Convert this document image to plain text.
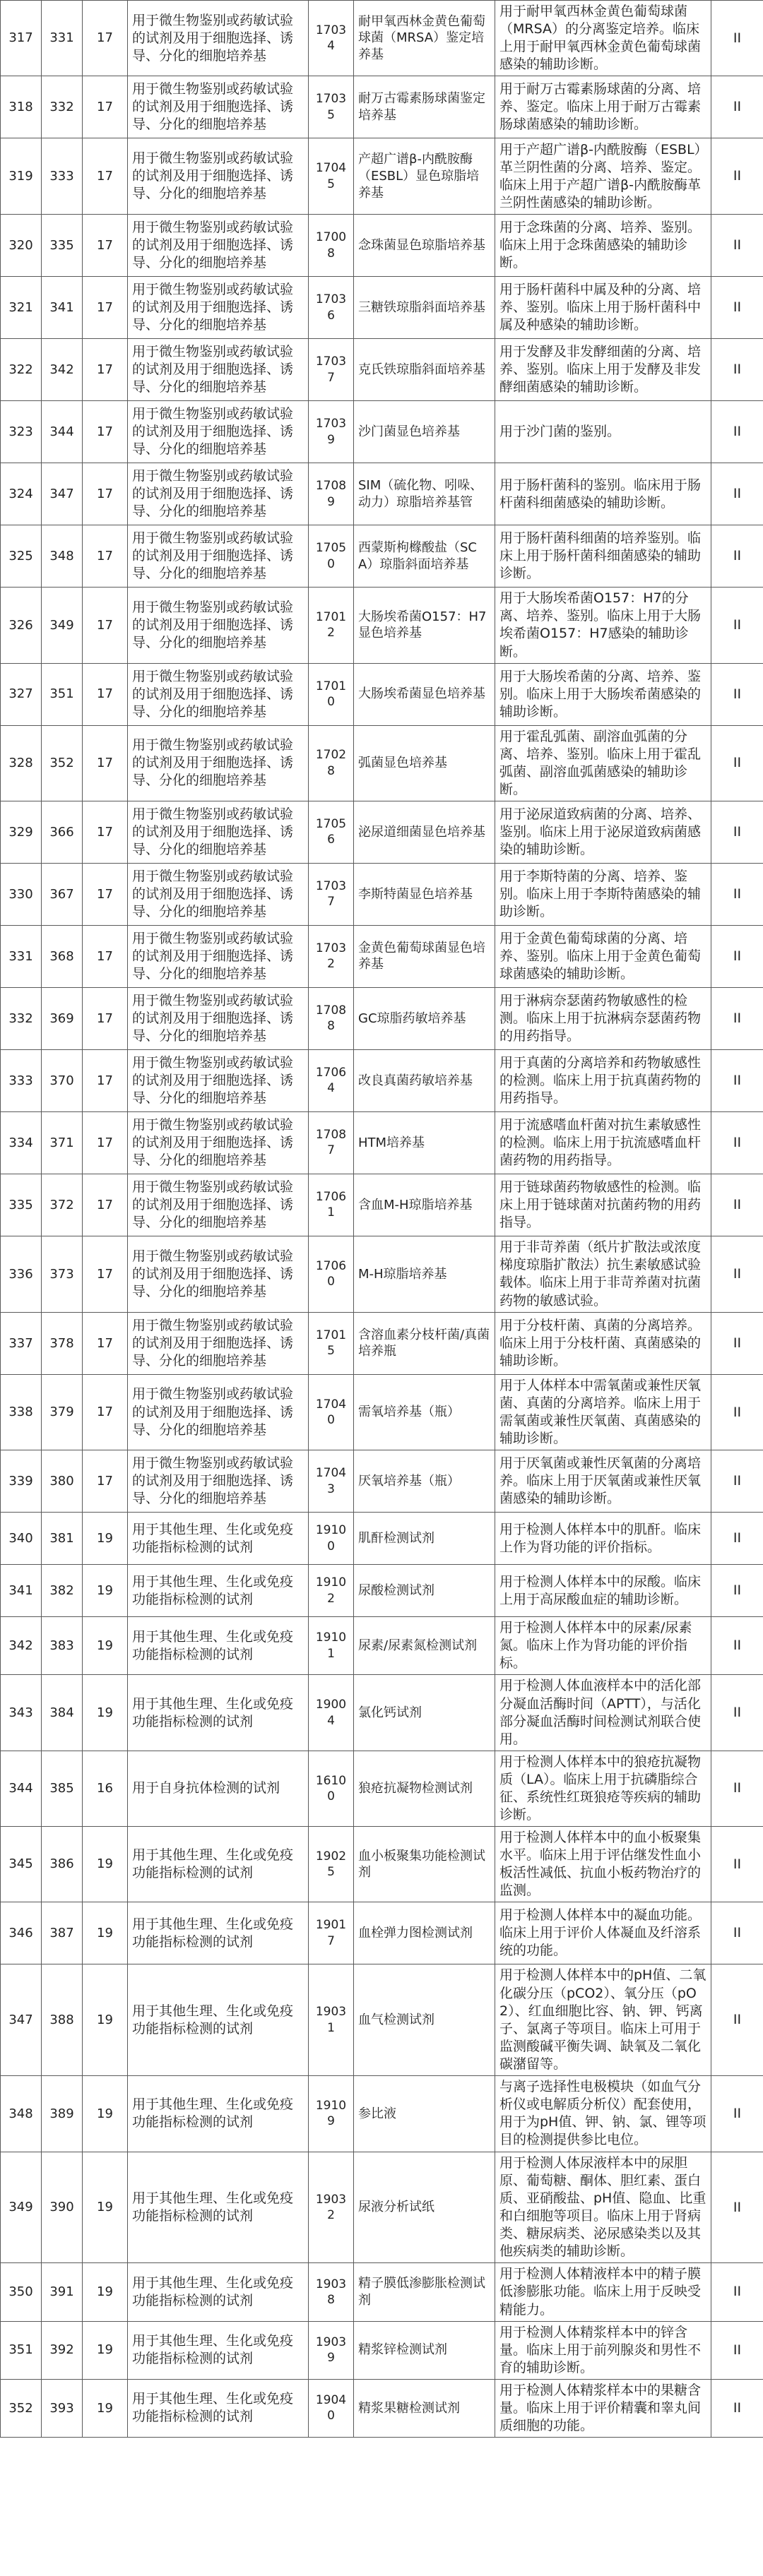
317	331	17	用于微生物鉴别或药敏试验的试剂及用于细胞选择、诱导、分化的细胞培养基	17034	耐甲氧西林金黄色葡萄球菌（MRSA）鉴定培养基	用于耐甲氧西林金黄色葡萄球菌（MRSA）的分离鉴定培养。临床上用于耐甲氧西林金黄色葡萄球菌感染的辅助诊断。	II
318	332	17	用于微生物鉴别或药敏试验的试剂及用于细胞选择、诱导、分化的细胞培养基	17035	耐万古霉素肠球菌鉴定培养基	用于耐万古霉素肠球菌的分离、培养、鉴定。临床上用于耐万古霉素肠球菌感染的辅助诊断。	II
319	333	17	用于微生物鉴别或药敏试验的试剂及用于细胞选择、诱导、分化的细胞培养基	17045	产超广谱β-内酰胺酶（ESBL）显色琼脂培养基	用于产超广谱β-内酰胺酶（ESBL）革兰阴性菌的分离、培养、鉴定。临床上用于产超广谱β-内酰胺酶革兰阴性菌感染的辅助诊断。	II
320	335	17	用于微生物鉴别或药敏试验的试剂及用于细胞选择、诱导、分化的细胞培养基	17008	念珠菌显色琼脂培养基	用于念珠菌的分离、培养、鉴别。临床上用于念珠菌感染的辅助诊断。	II
321	341	17	用于微生物鉴别或药敏试验的试剂及用于细胞选择、诱导、分化的细胞培养基	17036	三糖铁琼脂斜面培养基	用于肠杆菌科中属及种的分离、培养、鉴别。临床上用于肠杆菌科中属及种感染的辅助诊断。	II
322	342	17	用于微生物鉴别或药敏试验的试剂及用于细胞选择、诱导、分化的细胞培养基	17037	克氏铁琼脂斜面培养基	用于发酵及非发酵细菌的分离、培养、鉴别。临床上用于发酵及非发酵细菌感染的辅助诊断。	II
323	344	17	用于微生物鉴别或药敏试验的试剂及用于细胞选择、诱导、分化的细胞培养基	17039	沙门菌显色培养基	用于沙门菌的鉴别。	II
324	347	17	用于微生物鉴别或药敏试验的试剂及用于细胞选择、诱导、分化的细胞培养基	17089	SIM（硫化物、吲哚、动力）琼脂培养基管	用于肠杆菌科的鉴别。临床用于肠杆菌科细菌感染的辅助诊断。	II
325	348	17	用于微生物鉴别或药敏试验的试剂及用于细胞选择、诱导、分化的细胞培养基	17050	西蒙斯枸橼酸盐（SCA）琼脂斜面培养基	用于肠杆菌科细菌的培养鉴别。临床上用于肠杆菌科细菌感染的辅助诊断。	II
326	349	17	用于微生物鉴别或药敏试验的试剂及用于细胞选择、诱导、分化的细胞培养基	17012	大肠埃希菌O157：H7显色培养基	用于大肠埃希菌O157：H7的分离、培养、鉴别。临床上用于大肠埃希菌O157：H7感染的辅助诊断。	II
327	351	17	用于微生物鉴别或药敏试验的试剂及用于细胞选择、诱导、分化的细胞培养基	17010	大肠埃希菌显色培养基	用于大肠埃希菌的分离、培养、鉴别。临床上用于大肠埃希菌感染的辅助诊断。	II
328	352	17	用于微生物鉴别或药敏试验的试剂及用于细胞选择、诱导、分化的细胞培养基	17028	弧菌显色培养基	用于霍乱弧菌、副溶血弧菌的分离、培养、鉴别。临床上用于霍乱弧菌、副溶血弧菌感染的辅助诊断。	II
329	366	17	用于微生物鉴别或药敏试验的试剂及用于细胞选择、诱导、分化的细胞培养基	17056	泌尿道细菌显色培养基	用于泌尿道致病菌的分离、培养、鉴别。临床上用于泌尿道致病菌感染的辅助诊断。	II
330	367	17	用于微生物鉴别或药敏试验的试剂及用于细胞选择、诱导、分化的细胞培养基	17037	李斯特菌显色培养基	用于李斯特菌的分离、培养、鉴别。临床上用于李斯特菌感染的辅助诊断。	II
331	368	17	用于微生物鉴别或药敏试验的试剂及用于细胞选择、诱导、分化的细胞培养基	17032	金黄色葡萄球菌显色培养基	用于金黄色葡萄球菌的分离、培养、鉴别。临床上用于金黄色葡萄球菌感染的辅助诊断。	II
332	369	17	用于微生物鉴别或药敏试验的试剂及用于细胞选择、诱导、分化的细胞培养基	17088	GC琼脂药敏培养基	用于淋病奈瑟菌药物敏感性的检测。临床上用于抗淋病奈瑟菌药物的用药指导。	II
333	370	17	用于微生物鉴别或药敏试验的试剂及用于细胞选择、诱导、分化的细胞培养基	17064	改良真菌药敏培养基	用于真菌的分离培养和药物敏感性的检测。临床上用于抗真菌药物的用药指导。	II
334	371	17	用于微生物鉴别或药敏试验的试剂及用于细胞选择、诱导、分化的细胞培养基	17087	HTM培养基	用于流感嗜血杆菌对抗生素敏感性的检测。临床上用于抗流感嗜血杆菌药物的用药指导。	II
335	372	17	用于微生物鉴别或药敏试验的试剂及用于细胞选择、诱导、分化的细胞培养基	17061	含血M-H琼脂培养基	用于链球菌药物敏感性的检测。临床上用于链球菌对抗菌药物的用药指导。	II
336	373	17	用于微生物鉴别或药敏试验的试剂及用于细胞选择、诱导、分化的细胞培养基	17060	M-H琼脂培养基	用于非苛养菌（纸片扩散法或浓度梯度琼脂扩散法）抗生素敏感试验载体。临床上用于非苛养菌对抗菌药物的敏感试验。	II
337	378	17	用于微生物鉴别或药敏试验的试剂及用于细胞选择、诱导、分化的细胞培养基	17015	含溶血素分枝杆菌/真菌培养瓶	用于分枝杆菌、真菌的分离培养。临床上用于分枝杆菌、真菌感染的辅助诊断。	II
338	379	17	用于微生物鉴别或药敏试验的试剂及用于细胞选择、诱导、分化的细胞培养基	17040	需氧培养基（瓶）	用于人体样本中需氧菌或兼性厌氧菌、真菌的分离培养。临床上用于需氧菌或兼性厌氧菌、真菌感染的辅助诊断。	II
339	380	17	用于微生物鉴别或药敏试验的试剂及用于细胞选择、诱导、分化的细胞培养基	17043	厌氧培养基（瓶）	用于厌氧菌或兼性厌氧菌的分离培养。临床上用于厌氧菌或兼性厌氧菌感染的辅助诊断。	II
340	381	19	用于其他生理、生化或免疫功能指标检测的试剂	19100	肌酐检测试剂	用于检测人体样本中的肌酐。临床上作为肾功能的评价指标。	II
341	382	19	用于其他生理、生化或免疫功能指标检测的试剂	19102	尿酸检测试剂	用于检测人体样本中的尿酸。临床上用于高尿酸血症的辅助诊断。	II
342	383	19	用于其他生理、生化或免疫功能指标检测的试剂	19101	尿素/尿素氮检测试剂	用于检测人体样本中的尿素/尿素氮。临床上作为肾功能的评价指标。	II
343	384	19	用于其他生理、生化或免疫功能指标检测的试剂	19004	氯化钙试剂	用于检测人体血液样本中的活化部分凝血活酶时间（APTT），与活化部分凝血活酶时间检测试剂联合使用。	II
344	385	16	用于自身抗体检测的试剂	16100	狼疮抗凝物检测试剂	用于检测人体样本中的狼疮抗凝物质（LA）。临床上用于抗磷脂综合征、系统性红斑狼疮等疾病的辅助诊断。	II
345	386	19	用于其他生理、生化或免疫功能指标检测的试剂	19025	血小板聚集功能检测试剂	用于检测人体样本中的血小板聚集水平。临床上用于评估继发性血小板活性减低、抗血小板药物治疗的监测。	II
346	387	19	用于其他生理、生化或免疫功能指标检测的试剂	19017	血栓弹力图检测试剂	用于检测人体样本中的凝血功能。临床上用于评价人体凝血及纤溶系统的功能。	II
347	388	19	用于其他生理、生化或免疫功能指标检测的试剂	19031	血气检测试剂	用于检测人体样本中的pH值、二氧化碳分压（pCO2）、氧分压（pO2）、红血细胞比容、钠、钾、钙离子、氯离子等项目。临床上可用于监测酸碱平衡失调、缺氧及二氧化碳潴留等。	II
348	389	19	用于其他生理、生化或免疫功能指标检测的试剂	19109	参比液	与离子选择性电极模块（如血气分析仪或电解质分析仪）配套使用，用于为pH值、钾、钠、氯、锂等项目的检测提供参比电位。	II
349	390	19	用于其他生理、生化或免疫功能指标检测的试剂	19032	尿液分析试纸	用于检测人体尿液样本中的尿胆原、葡萄糖、酮体、胆红素、蛋白质、亚硝酸盐、pH值、隐血、比重和白细胞等项目。临床上用于肾病类、糖尿病类、泌尿感染类以及其他疾病类的辅助诊断。	II
350	391	19	用于其他生理、生化或免疫功能指标检测的试剂	19038	精子膜低渗膨胀检测试剂	用于检测人体精液样本中的精子膜低渗膨胀功能。临床上用于反映受精能力。	II
351	392	19	用于其他生理、生化或免疫功能指标检测的试剂	19039	精浆锌检测试剂	用于检测人体精浆样本中的锌含量。临床上用于前列腺炎和男性不育的辅助诊断。	II
352	393	19	用于其他生理、生化或免疫功能指标检测的试剂	19040	精浆果糖检测试剂	用于检测人体精浆样本中的果糖含量。临床上用于评价精囊和睾丸间质细胞的功能。	II
